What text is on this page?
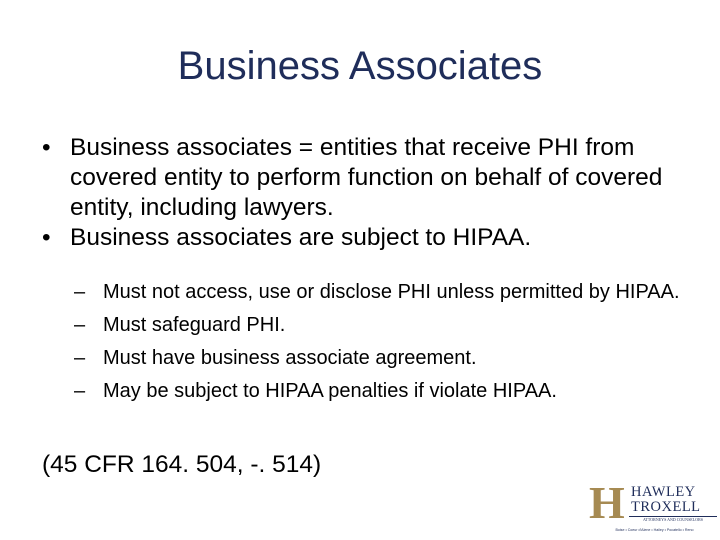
Business Associates
• Business associates = entities that receive PHI from covered entity to perform function on behalf of covered entity, including lawyers.
• Business associates are subject to HIPAA.
– Must not access, use or disclose PHI unless permitted by HIPAA.
– Must safeguard PHI.
– Must have business associate agreement.
– May be subject to HIPAA penalties if violate HIPAA.
(45 CFR 164. 504, -. 514)
H HAWLEY
TROXELL
ATTORNEYS AND COUNSELORS
Boise • Coeur d'Alene • Hailey • Pocatello • Reno
